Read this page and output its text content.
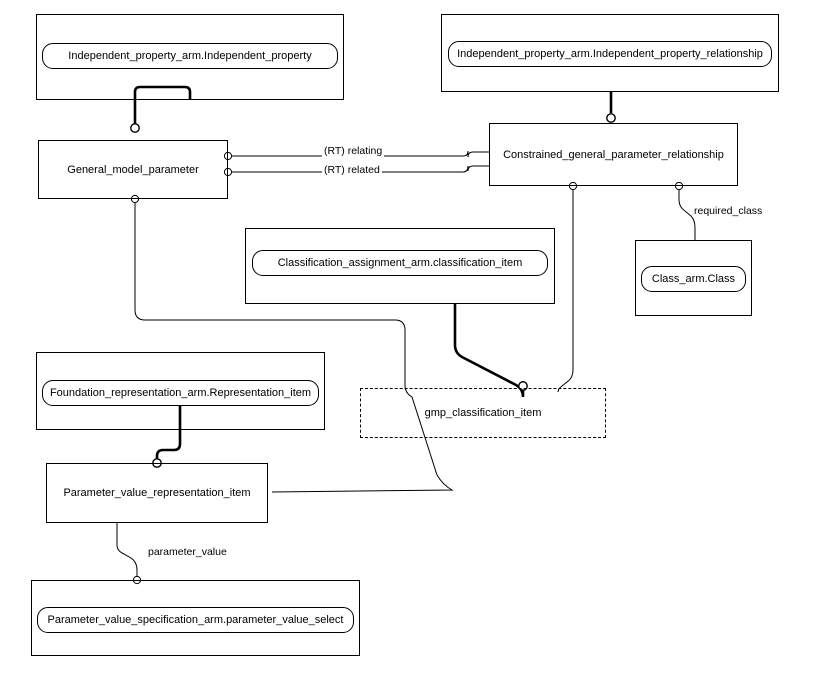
Independent_property_arm.Independent_property	Independent_property_arm.Independent_property_relationship
General_model_parameter
Constrained_general_parameter_relationship
Classification_assignment_arm.classification_item
Class_arm.Class
Foundation_representation_arm.Representation_item
gmp_classification_item
Parameter_value_representation_item
Parameter_value_specification_arm.parameter_value_select
(RT) relating
(RT) related
required_class
parameter_value
